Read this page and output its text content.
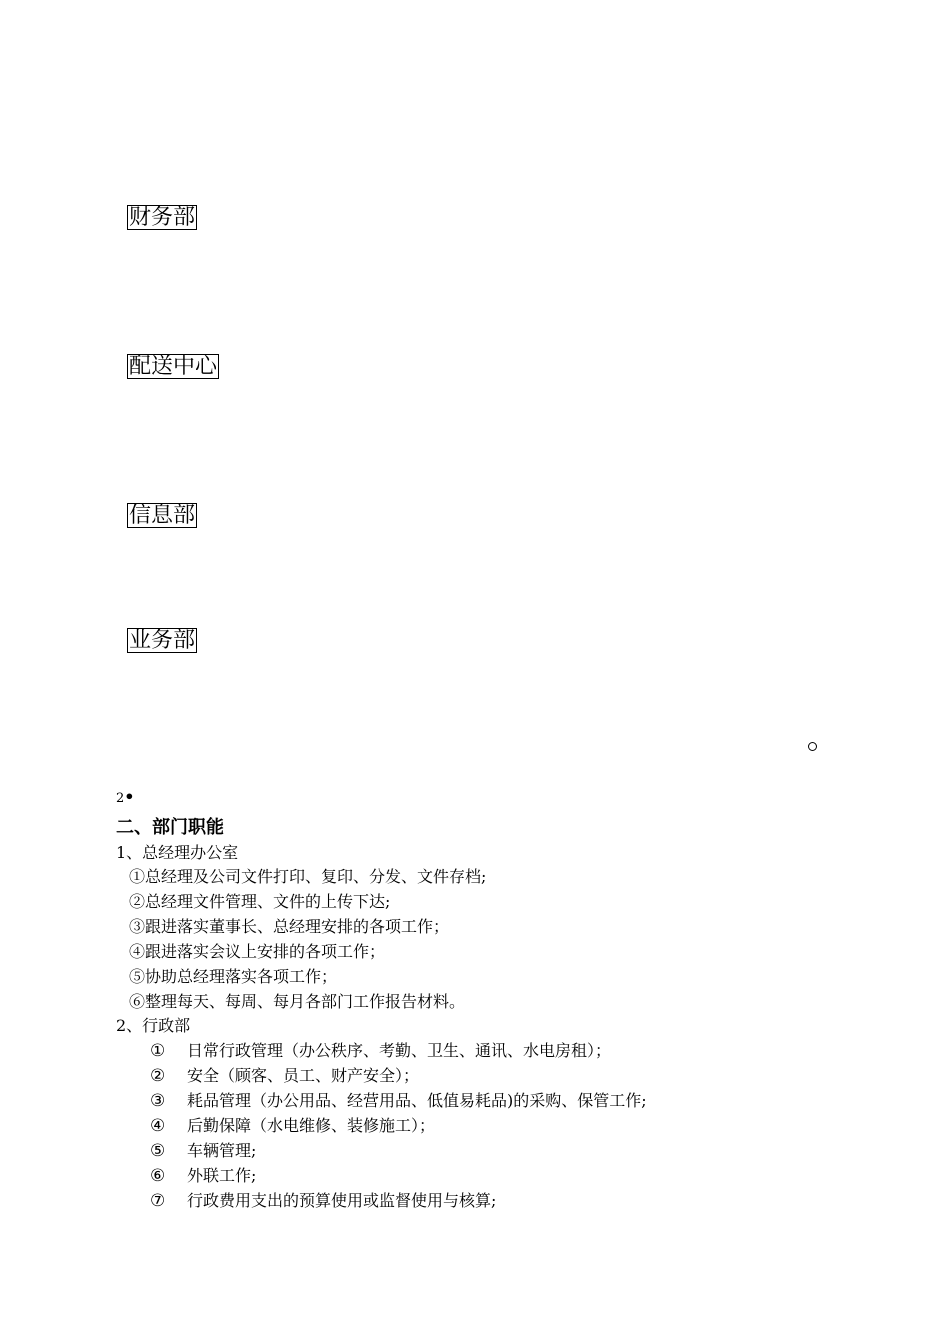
财务部
配送中心
信息部
业务部
2•
二、部门职能
1、总经理办公室
①总经理及公司文件打印、复印、分发、文件存档;
②总经理文件管理、文件的上传下达;
③跟进落实董事长、总经理安排的各项工作；
④跟进落实会议上安排的各项工作；
⑤协助总经理落实各项工作；
⑥整理每天、每周、每月各部门工作报告材料。
2、行政部
① 日常行政管理（办公秩序、考勤、卫生、通讯、水电房租）；
② 安全（顾客、员工、财产安全）；
③ 耗品管理（办公用品、经营用品、低值易耗品)的采购、保管工作;
④ 后勤保障（水电维修、装修施工）；
⑤ 车辆管理;
⑥ 外联工作;
⑦ 行政费用支出的预算使用或监督使用与核算;
